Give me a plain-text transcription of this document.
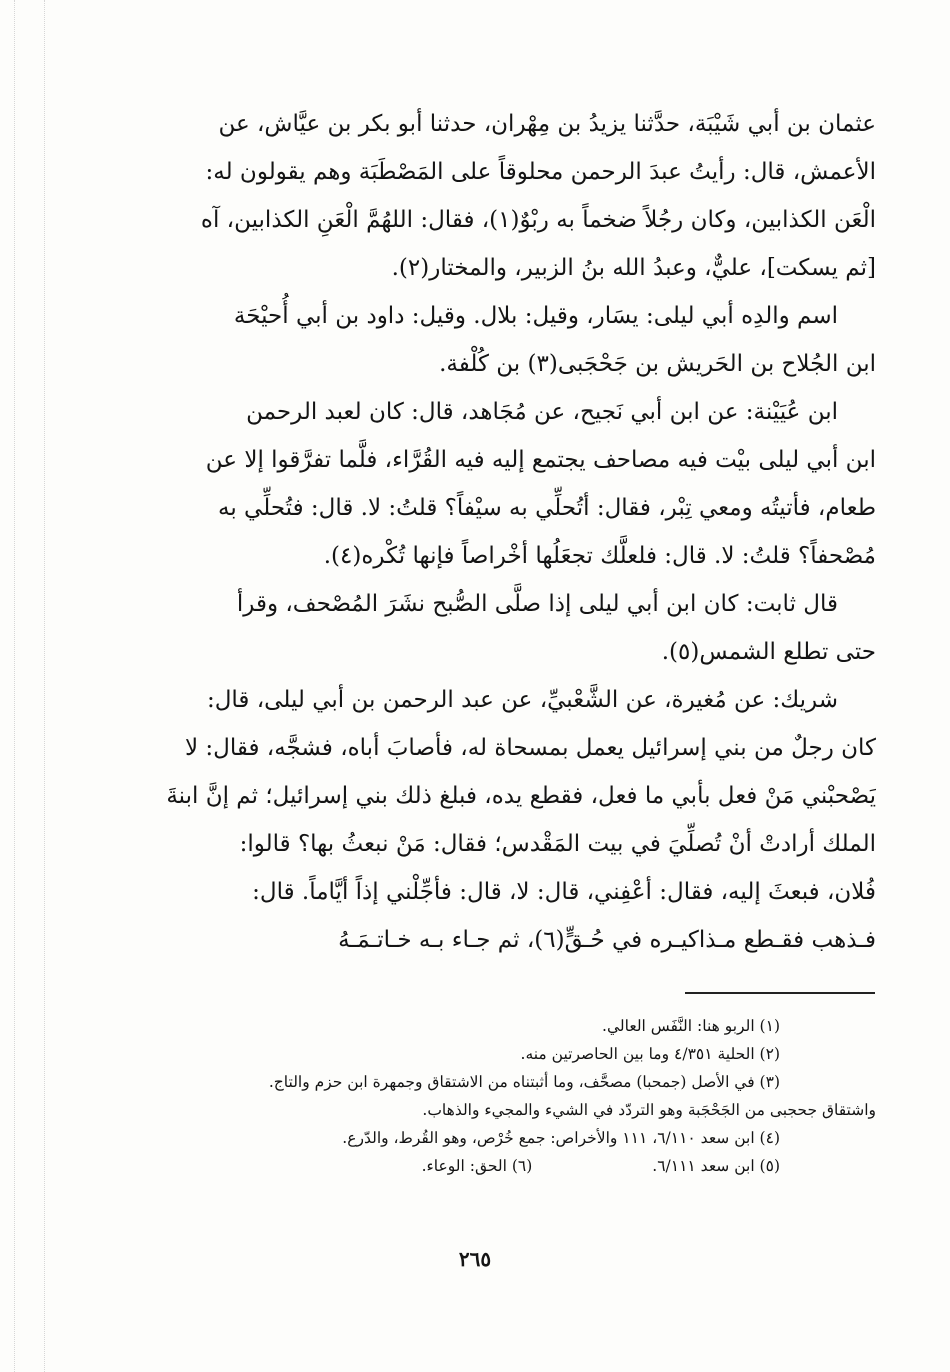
عثمان بن أبي شَيْبَة، حدَّثنا يزيدُ بن مِهْران، حدثنا أبو بكر بن عيَّاش، عن
الأعمش، قال: رأيتُ عبدَ الرحمن محلوقاً على المَصْطَبَة وهم يقولون له:
الْعَن الكذابين، وكان رجُلاً ضخماً به ربْوٌ(١)، فقال: اللهُمَّ الْعَنِ الكذابين، آه
[ثم يسكت]، عليٌّ، وعبدُ الله بنُ الزبير، والمختار(٢).

اسم والدِه أبي ليلى: يسَار، وقيل: بلال. وقيل: داود بن أبي أُحيْحَة
ابن الجُلاح بن الحَريش بن جَحْجَبى(٣) بن كُلْفة.

ابن عُيَيْنة: عن ابن أبي نَجيح، عن مُجَاهد، قال: كان لعبد الرحمن
ابن أبي ليلى بيْت فيه مصاحف يجتمع إليه فيه القُرَّاء، فلَّما تفرَّقوا إلا عن
طعام، فأتيتُه ومعي تِبْر، فقال: أتُحلِّي به سيْفاً؟ قلتُ: لا. قال: فتُحلِّي به
مُصْحفاً؟ قلتُ: لا. قال: فلعلَّك تجعَلُها أخْراصاً فإنها تُكْره(٤).

قال ثابت: كان ابن أبي ليلى إذا صلَّى الصُّبح نشَرَ المُصْحف، وقرأ
حتى تطلع الشمس(٥).

شريك: عن مُغيرة، عن الشَّعْبيِّ، عن عبد الرحمن بن أبي ليلى، قال:
كان رجلٌ من بني إسرائيل يعمل بمسحاة له، فأصابَ أباه، فشجَّه، فقال: لا
يَصْحبْني مَنْ فعل بأبي ما فعل، فقطع يده، فبلغ ذلك بني إسرائيل؛ ثم إنَّ ابنةَ
الملك أرادتْ أنْ تُصلِّيَ في بيت المَقْدس؛ فقال: مَنْ نبعثُ بها؟ قالوا:
فُلان، فبعثَ إليه، فقال: أعْفِني، قال: لا، قال: فأجِّلْني إذاً أيَّاماً. قال:
فـذهب فقـطع مـذاكيـره في حُـقٍّ(٦)، ثم جـاء بـه خـاتـمَـهُ

(١) الربو هنا: النَّفَس العالي.
(٢) الحلية ٤/٣٥١ وما بين الحاصرتين منه.
(٣) في الأصل (جمحبا) مصحَّف، وما أثبتناه من الاشتقاق وجمهرة ابن حزم والتاج.
واشتقاق جحجبى من الجَحْجَبة وهو التردّد في الشيء والمجيء والذهاب.
(٤) ابن سعد ٦/١١٠، ١١١ والأخراص: جمع خُرْص، وهو القُرط، والدّرع.
(٥) ابن سعد ٦/١١١.
(٦) الحق: الوعاء.
٢٦٥
